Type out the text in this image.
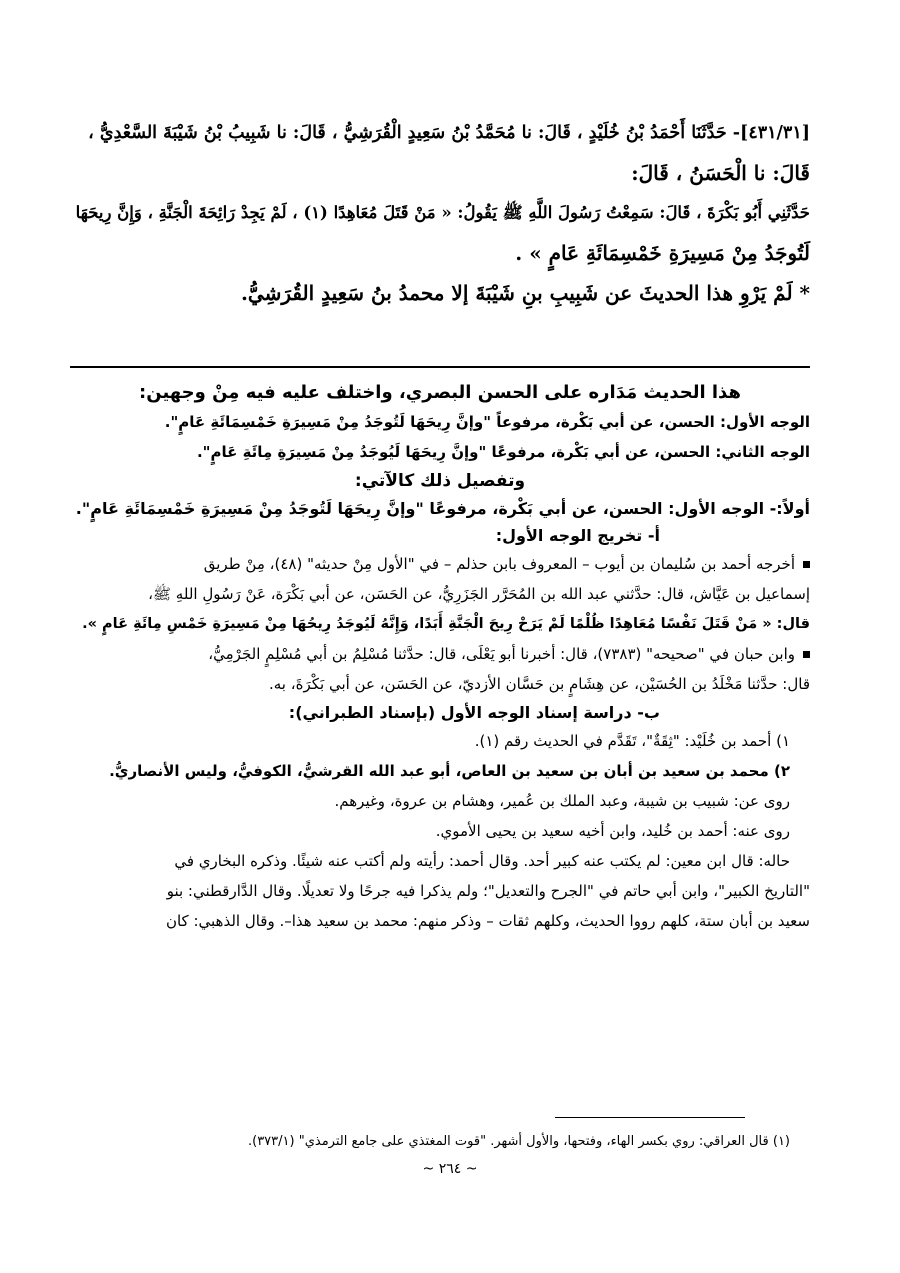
[٤٣١/٣١]- حَدَّثَنَا أَحْمَدُ بْنُ خُلَيْدٍ ، قَالَ: نا مُحَمَّدُ بْنُ سَعِيدٍ الْقُرَشِيُّ ، قَالَ: نا شَبِيبُ بْنُ شَيْبَةَ السَّعْدِيُّ ،
قَالَ: نا الْحَسَنُ ، قَالَ:
حَدَّثَنِي أَبُو بَكْرَةَ ، قَالَ: سَمِعْتُ رَسُولَ اللَّهِ ﷺ يَقُولُ: « مَنْ قَتَلَ مُعَاهِدًا (١) ، لَمْ يَجِدْ رَائِحَةَ الْجَنَّةِ ، وَإِنَّ رِيحَهَا
لَتُوجَدُ مِنْ مَسِيرَةِ خَمْسِمَائَةِ عَامٍ » .
* لَمْ يَرْوِ هذا الحديثَ عن شَبِيبِ بنِ شَيْبَةَ إلا محمدُ بنُ سَعِيدٍ القُرَشِيُّ.
هذا الحديث مَدَاره على الحسن البصري، واختلف عليه فيه مِنْ وجهين:
الوجه الأول: الحسن، عن أبي بَكْرة، مرفوعاً "وإنَّ رِيحَهَا لَتُوجَدُ مِنْ مَسِيرَةِ خَمْسِمَائَةِ عَامٍ".
الوجه الثاني: الحسن، عن أبي بَكْرة، مرفوعًا "وإنَّ رِيحَهَا لَيُوجَدُ مِنْ مَسِيرَةِ مِائَةِ عَامٍ".
وتفصيل ذلك كالآتي:
أولاً:- الوجه الأول: الحسن، عن أبي بَكْرة، مرفوعًا "وإنَّ رِيحَهَا لَتُوجَدُ مِنْ مَسِيرَةِ خَمْسِمَائَةِ عَامٍ".
أ- تخريج الوجه الأول:
أخرجه أحمد بن سُليمان بن أيوب – المعروف بابن حذلم – في "الأول مِنْ حديثه" (٤٨)، مِنْ طريق
إسماعيل بن عَيَّاش، قال: حدَّثني عبد الله بن المُحَرَّر الجَزَرِيُّ، عن الحَسَن، عن أبي بَكْرَة، عَنْ رَسُولِ اللهِ ﷺ،
قال: « مَنْ قَتَلَ نَفْسًا مُعَاهِدًا ظُلْمًا لَمْ يَرَحْ رِيحَ الْجَنَّةِ أَبَدًا، وَإِنَّهُ لَيُوجَدُ رِيحُهَا مِنْ مَسِيرَةِ خَمْسِ مِائَةِ عَامٍ ».
وابن حبان في "صحيحه" (٧٣٨٣)، قال: أخبرنا أبو يَعْلَى، قال: حدَّثنا مُسْلِمُ بن أبي مُسْلِمٍ الجَرْمِيُّ،
قال: حدَّثنا مَخْلَدُ بن الحُسَيْن، عن هِشَامٍ بن حَسَّان الأزديّ، عن الحَسَن، عن أبي بَكْرَةَ، به.
ب- دراسة إسناد الوجه الأول (بإسناد الطبراني):
١) أحمد بن خُلَيْد: "ثِقَةٌ"، تَقَدَّم في الحديث رقم (١).
٢) محمد بن سعيد بن أبان بن سعيد بن العاص، أبو عبد الله القرشيُّ، الكوفيُّ، وليس الأنصاريُّ.
روى عن: شبيب بن شيبة، وعبد الملك بن عُمير، وهشام بن عروة، وغيرهم.
روى عنه: أحمد بن خُليد، وابن أخيه سعيد بن يحيى الأموي.
حاله: قال ابن معين: لم يكتب عنه كبير أحد. وقال أحمد: رأيته ولم أكتب عنه شيئًا. وذكره البخاري في
"التاريخ الكبير"، وابن أبي حاتم في "الجرح والتعديل"؛ ولم يذكرا فيه جرحًا ولا تعديلًا. وقال الدَّارقطني: بنو
سعيد بن أبان ستة، كلهم رووا الحديث، وكلهم ثقات – وذكر منهم: محمد بن سعيد هذا–. وقال الذهبي: كان
(١) قال العراقي: روي بكسر الهاء، وفتحها، والأول أشهر. "قوت المغتذي على جامع الترمذي" (٣٧٣/١).
~ ٢٦٤ ~
